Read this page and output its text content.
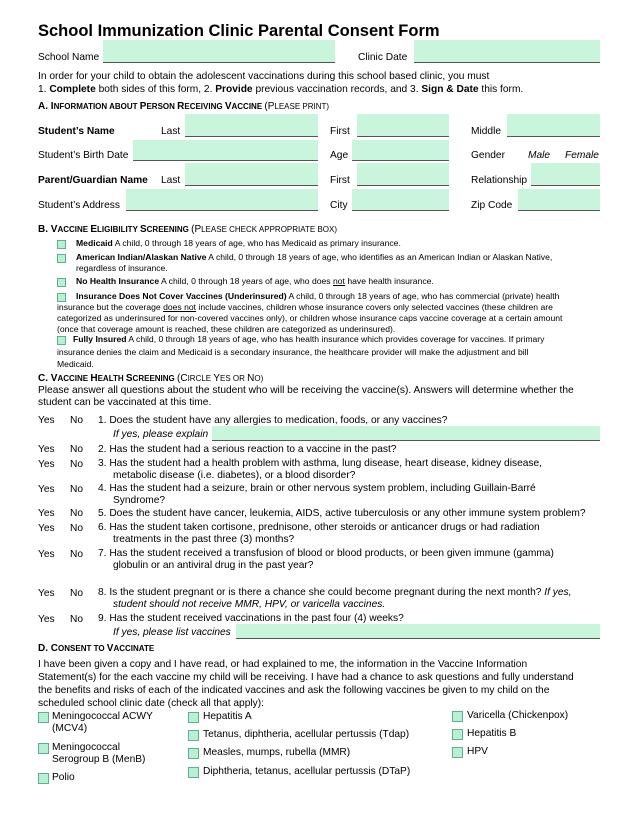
School Immunization Clinic Parental Consent Form
School Name	Clinic Date
In order for your child to obtain the adolescent vaccinations during this school based clinic, you must
1. Complete both sides of this form, 2. Provide previous vaccination records, and 3. Sign & Date this form.
A. INFORMATION ABOUT PERSON RECEIVING VACCINE (PLEASE PRINT)
Student’s Name	Last	First	Middle
Student’s Birth Date	Age	Gender Male Female
Parent/Guardian Name Last	First	Relationship
Student’s Address	City	Zip Code
B. VACCINE ELIGIBILITY SCREENING (PLEASE CHECK APPROPRIATE BOX)
Medicaid A child, 0 through 18 years of age, who has Medicaid as primary insurance.
American Indian/Alaskan Native A child, 0 through 18 years of age, who identifies as an American Indian or Alaskan Native,
regardless of insurance.
No Health Insurance A child, 0 through 18 years of age, who does not have health insurance.
Insurance Does Not Cover Vaccines (Underinsured) A child, 0 through 18 years of age, who has commercial (private) health
insurance but the coverage does not include vaccines, children whose insurance covers only selected vaccines (these children are
categorized as underinsured for non-covered vaccines only), or children whose insurance caps vaccine coverage at a certain amount
(once that coverage amount is reached, these children are categorized as underinsured).
Fully Insured A child, 0 through 18 years of age, who has health insurance which provides coverage for vaccines. If primary
insurance denies the claim and Medicaid is a secondary insurance, the healthcare provider will make the adjustment and bill
Medicaid.
C. VACCINE HEALTH SCREENING (CIRCLE YES OR NO)
Please answer all questions about the student who will be receiving the vaccine(s). Answers will determine whether the
student can be vaccinated at this time.
Yes No 1. Does the student have any allergies to medication, foods, or any vaccines?
If yes, please explain
Yes No 2. Has the student had a serious reaction to a vaccine in the past?
Yes No 3. Has the student had a health problem with asthma, lung disease, heart disease, kidney disease,
metabolic disease (i.e. diabetes), or a blood disorder?
Yes No 4. Has the student had a seizure, brain or other nervous system problem, including Guillain-Barré
Syndrome?
Yes No 5. Does the student have cancer, leukemia, AIDS, active tuberculosis or any other immune system problem?
Yes No 6. Has the student taken cortisone, prednisone, other steroids or anticancer drugs or had radiation
treatments in the past three (3) months?
Yes No 7. Has the student received a transfusion of blood or blood products, or been given immune (gamma)
globulin or an antiviral drug in the past year?
Yes No 8. Is the student pregnant or is there a chance she could become pregnant during the next month? If yes,
student should not receive MMR, HPV, or varicella vaccines.
Yes No 9. Has the student received vaccinations in the past four (4) weeks?
If yes, please list vaccines
D. CONSENT TO VACCINATE
I have been given a copy and I have read, or had explained to me, the information in the Vaccine Information
Statement(s) for the each vaccine my child will be receiving. I have had a chance to ask questions and fully understand
the benefits and risks of each of the indicated vaccines and ask the following vaccines be given to my child on the
scheduled school clinic date (check all that apply):
Meningococcal ACWY
(MCV4)
Meningococcal
Serogroup B (MenB)
Polio
Hepatitis A
Tetanus, diphtheria, acellular pertussis (Tdap)
Measles, mumps, rubella (MMR)
Diphtheria, tetanus, acellular pertussis (DTaP)
Varicella (Chickenpox)
Hepatitis B
HPV
